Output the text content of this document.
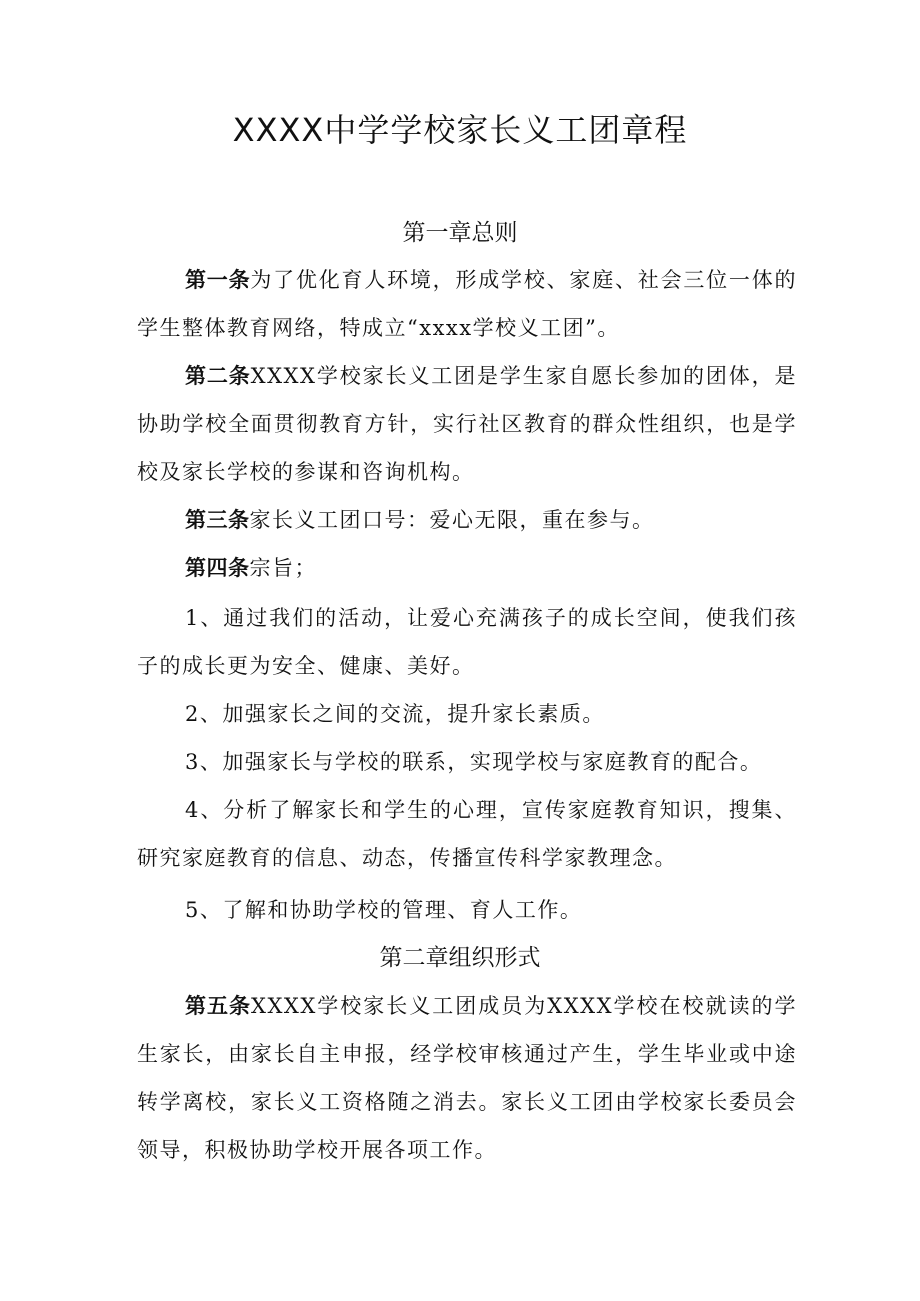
XXXX中学学校家长义工团章程
第一章总则

第一条为了优化育人环境，形成学校、家庭、社会三位一体的学生整体教育网络，特成立“xxxx学校义工团”。

第二条XXXX学校家长义工团是学生家自愿长参加的团体，是协助学校全面贯彻教育方针，实行社区教育的群众性组织，也是学校及家长学校的参谋和咨询机构。

第三条家长义工团口号：爱心无限，重在参与。

第四条宗旨；

1、通过我们的活动，让爱心充满孩子的成长空间，使我们孩子的成长更为安全、健康、美好。

2、加强家长之间的交流，提升家长素质。

3、加强家长与学校的联系，实现学校与家庭教育的配合。

4、分析了解家长和学生的心理，宣传家庭教育知识，搜集、研究家庭教育的信息、动态，传播宣传科学家教理念。

5、了解和协助学校的管理、育人工作。

第二章组织形式

第五条XXXX学校家长义工团成员为XXXX学校在校就读的学生家长，由家长自主申报，经学校审核通过产生，学生毕业或中途转学离校，家长义工资格随之消去。家长义工团由学校家长委员会领导，积极协助学校开展各项工作。
